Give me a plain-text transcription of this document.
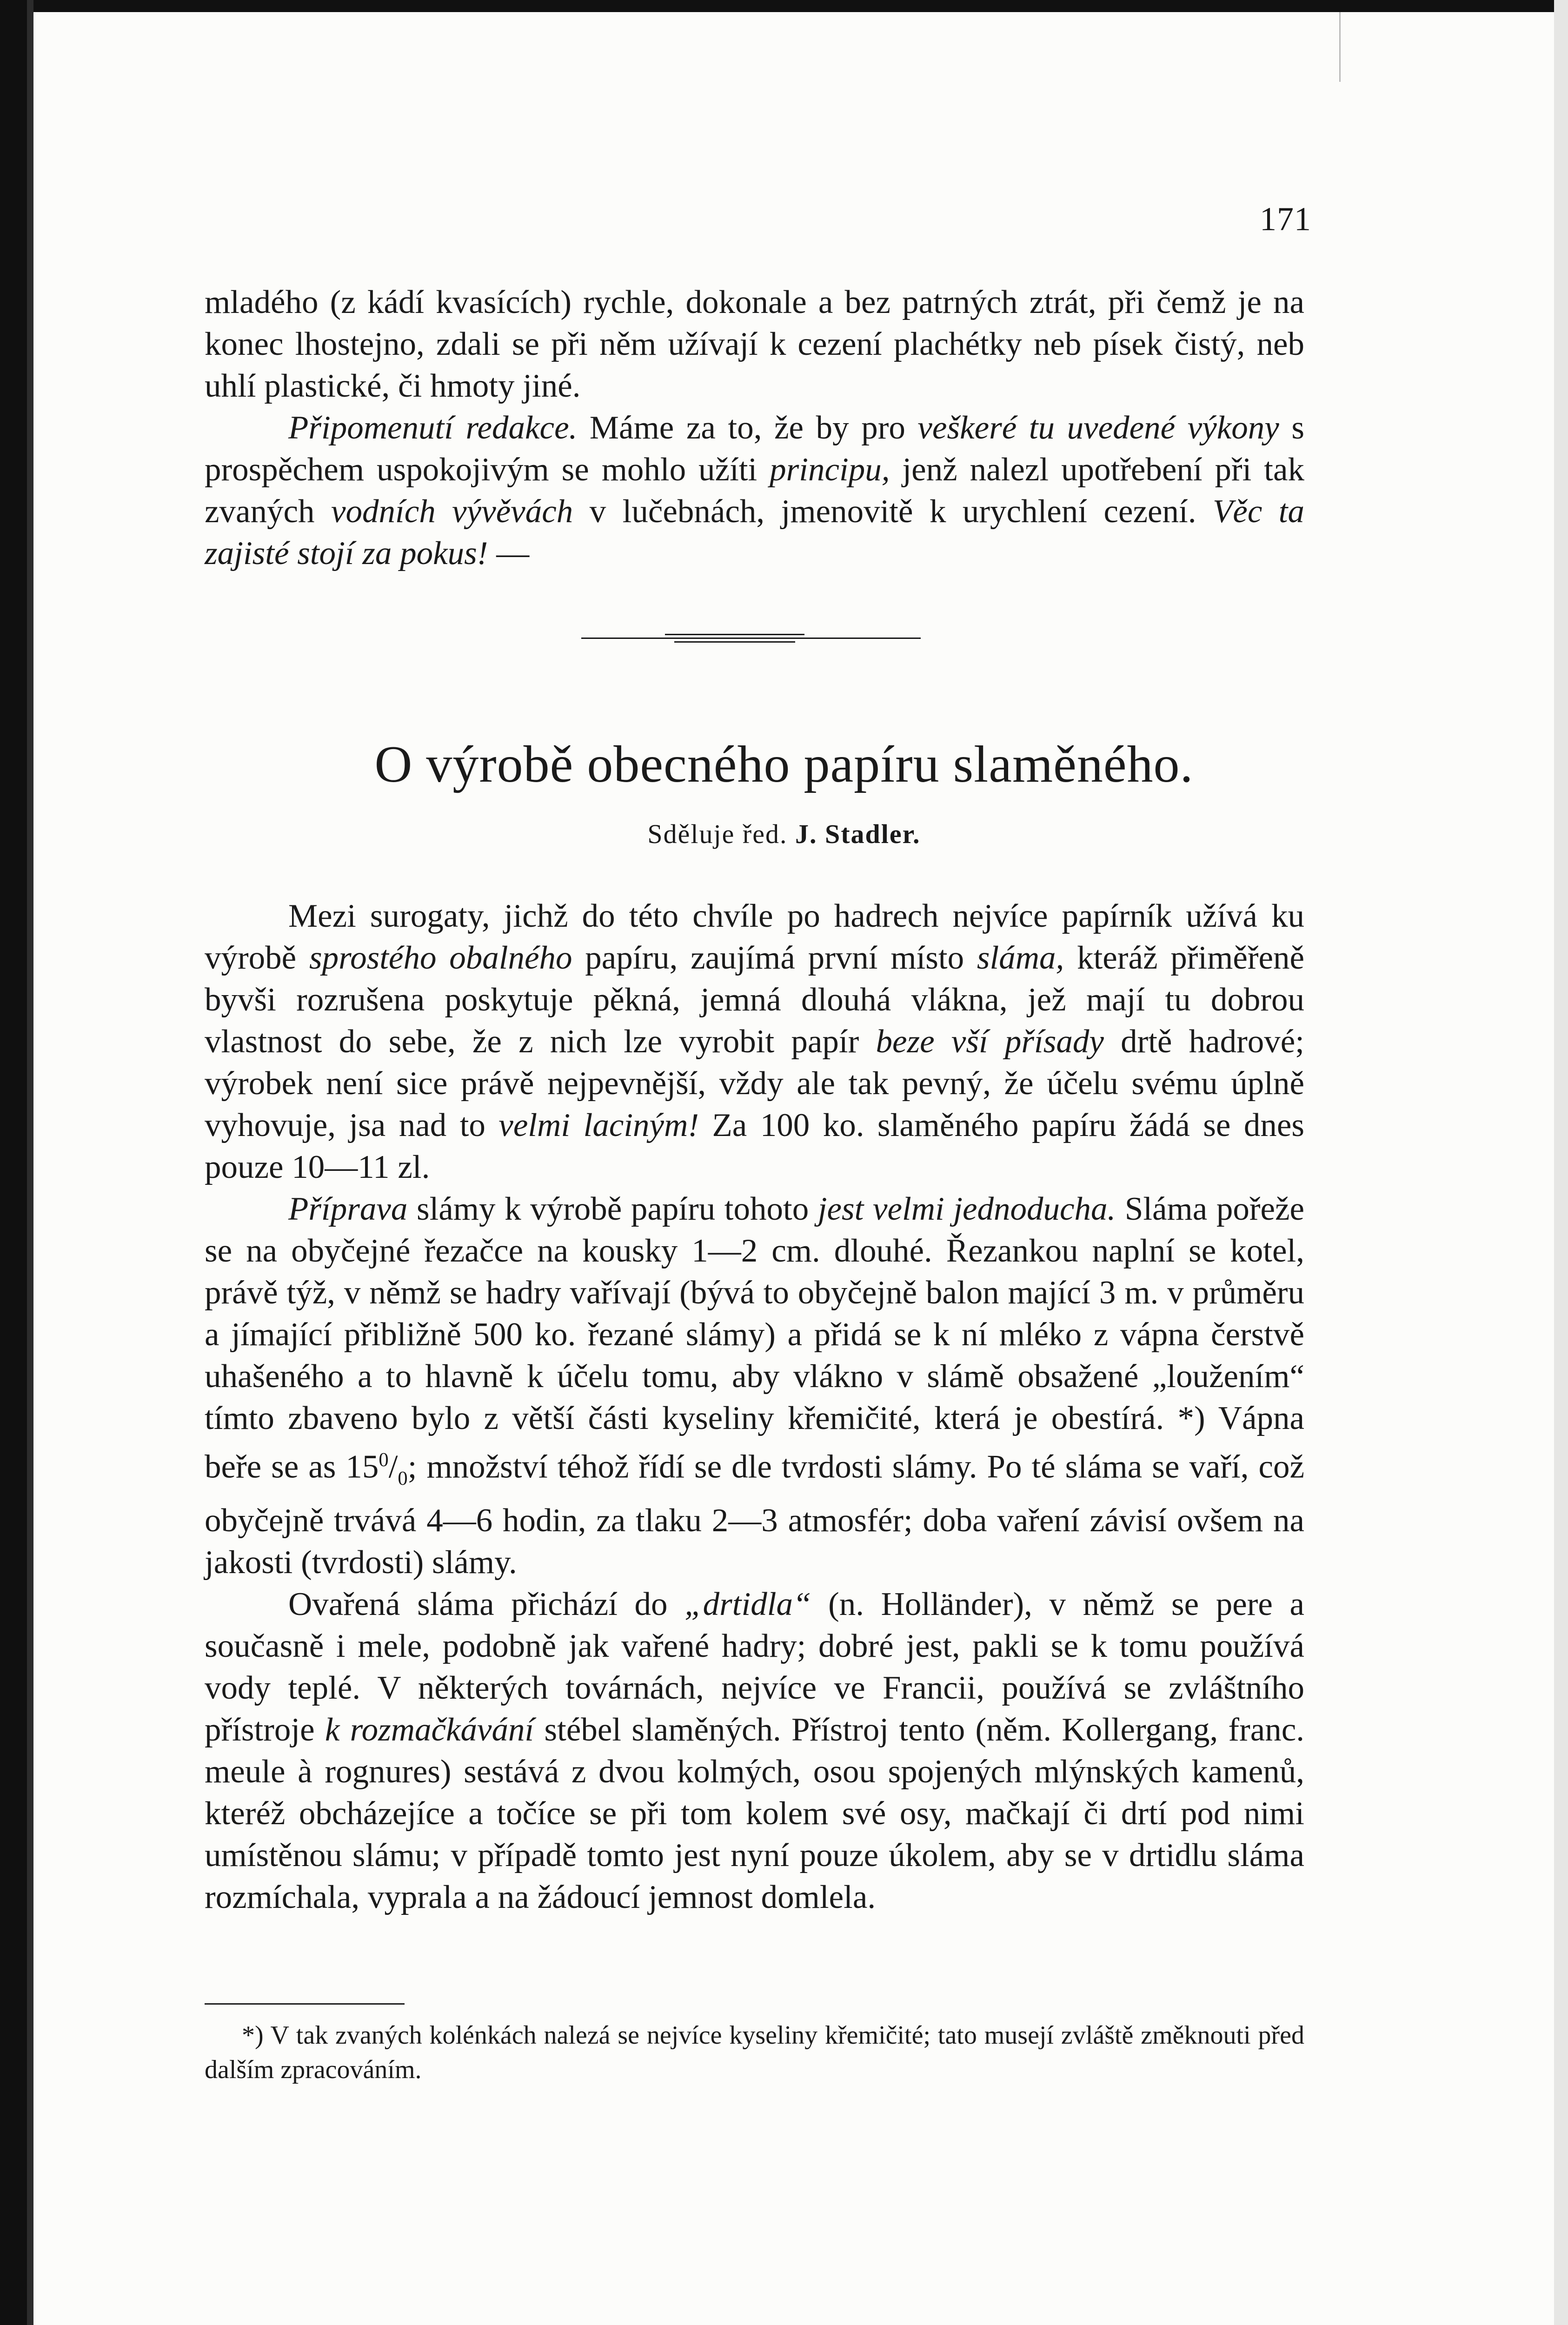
171

mladého (z kádí kvasících) rychle, dokonale a bez patrných ztrát, při čemž je na konec lhostejno, zdali se při něm užívají k cezení plachétky neb písek čistý, neb uhlí plastické, či hmoty jiné.

Připomenutí redakce. Máme za to, že by pro veškeré tu uvedené výkony s prospěchem uspokojivým se mohlo užíti principu, jenž nalezl upotřebení při tak zvaných vodních vývěvách v lučebnách, jmenovitě k urychlení cezení. Věc ta zajisté stojí za pokus! —

O výrobě obecného papíru slaměného.
Sděluje řed. J. Stadler.

Mezi surogaty, jichž do této chvíle po hadrech nejvíce papírník užívá ku výrobě sprostého obalného papíru, zaujímá první místo sláma, kteráž přiměřeně byvši rozrušena poskytuje pěkná, jemná dlouhá vlákna, jež mají tu dobrou vlastnost do sebe, že z nich lze vyrobit papír beze vší přísady drtě hadrové; výrobek není sice právě nejpevnější, vždy ale tak pevný, že účelu svému úplně vyhovuje, jsa nad to velmi laciným! Za 100 ko. slaměného papíru žádá se dnes pouze 10—11 zl.

Příprava slámy k výrobě papíru tohoto jest velmi jednoducha. Sláma pořeže se na obyčejné řezačce na kousky 1—2 cm. dlouhé. Řezankou naplní se kotel, právě týž, v němž se hadry vařívají (bývá to obyčejně balon mající 3 m. v průměru a jímající přibližně 500 ko. řezané slámy) a přidá se k ní mléko z vápna čerstvě uhašeného a to hlavně k účelu tomu, aby vlákno v slámě obsažené „loužením“ tímto zbaveno bylo z větší části kyseliny křemičité, která je obestírá. *) Vápna beře se as $15^0/_0$; množství téhož řídí se dle tvrdosti slámy. Po té sláma se vaří, což obyčejně trvává 4—6 hodin, za tlaku 2—3 atmosfér; doba vaření závisí ovšem na jakosti (tvrdosti) slámy.

Ovařená sláma přichází do „drtidla“ (n. Holländer), v němž se pere a současně i mele, podobně jak vařené hadry; dobré jest, pakli se k tomu používá vody teplé. V některých továrnách, nejvíce ve Francii, používá se zvláštního přístroje k rozmačkávání stébel slaměných. Přístroj tento (něm. Kollergang, franc. meule à rognures) sestává z dvou kolmých, osou spojených mlýnských kamenů, kteréž obcházejíce a točíce se při tom kolem své osy, mačkají či drtí pod nimi umístěnou slámu; v případě tomto jest nyní pouze úkolem, aby se v drtidlu sláma rozmíchala, vyprala a na žádoucí jemnost domlela.

*) V tak zvaných kolénkách nalezá se nejvíce kyseliny křemičité; tato musejí zvláště změknouti před dalším zpracováním.
